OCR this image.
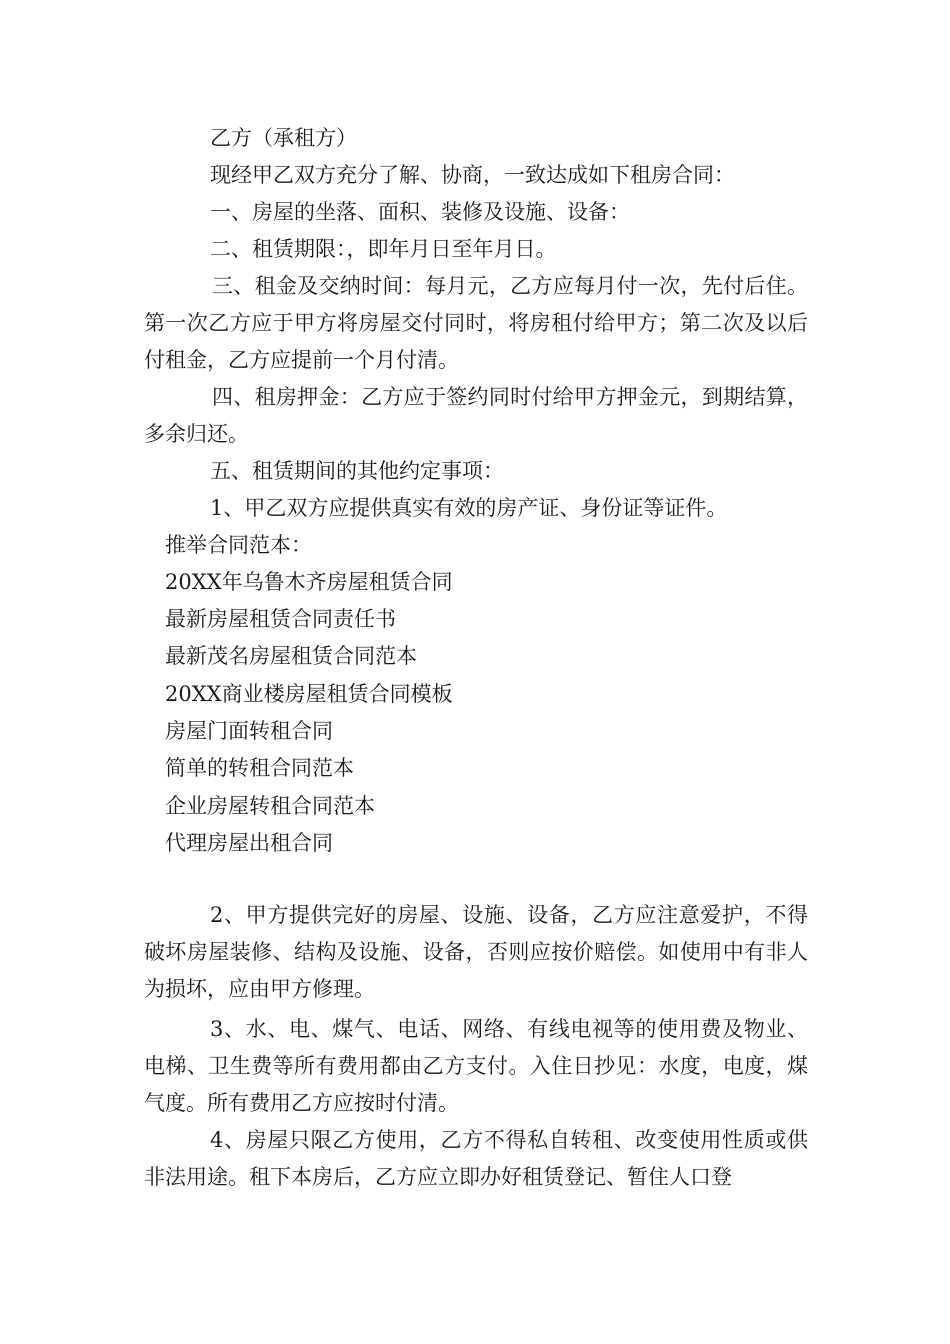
乙方（承租方）
现经甲乙双方充分了解、协商，一致达成如下租房合同：
一、房屋的坐落、面积、装修及设施、设备：
二、租赁期限：，即年月日至年月日。
三、租金及交纳时间：每月元，乙方应每月付一次，先付后住。第一次乙方应于甲方将房屋交付同时，将房租付给甲方；第二次及以后付租金，乙方应提前一个月付清。
四、租房押金：乙方应于签约同时付给甲方押金元，到期结算，多余归还。
五、租赁期间的其他约定事项：
1、甲乙双方应提供真实有效的房产证、身份证等证件。
推举合同范本：
20XX年乌鲁木齐房屋租赁合同
最新房屋租赁合同责任书
最新茂名房屋租赁合同范本
20XX商业楼房屋租赁合同模板
房屋门面转租合同
简单的转租合同范本
企业房屋转租合同范本
代理房屋出租合同
2、甲方提供完好的房屋、设施、设备，乙方应注意爱护，不得破坏房屋装修、结构及设施、设备，否则应按价赔偿。如使用中有非人为损坏，应由甲方修理。
3、水、电、煤气、电话、网络、有线电视等的使用费及物业、电梯、卫生费等所有费用都由乙方支付。入住日抄见：水度，电度，煤气度。所有费用乙方应按时付清。
4、房屋只限乙方使用，乙方不得私自转租、改变使用性质或供非法用途。租下本房后，乙方应立即办好租赁登记、暂住人口登
